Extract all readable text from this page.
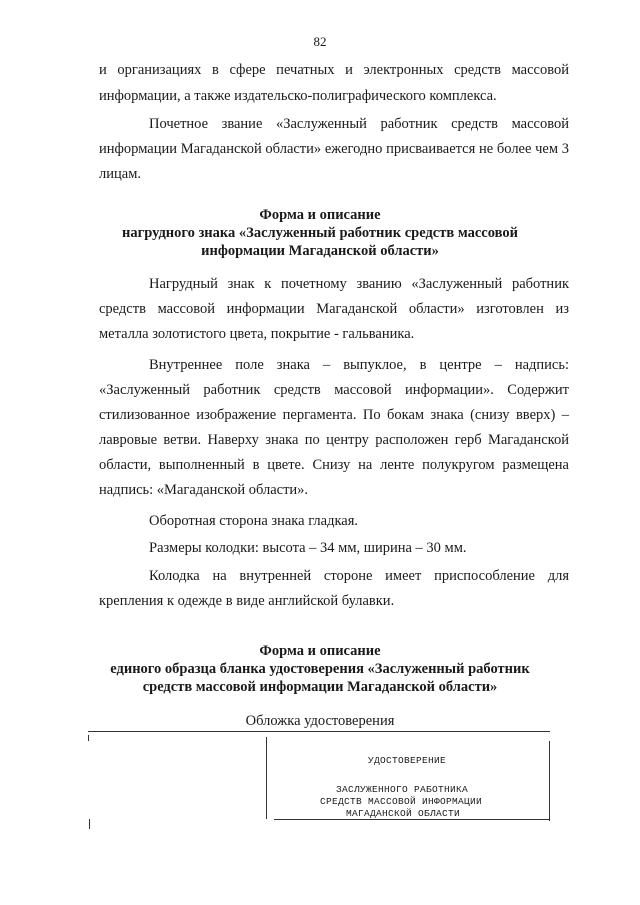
82
и организациях в сфере печатных и электронных средств массовой
информации, а также издательско-полиграфического комплекса.
Почетное звание «Заслуженный работник средств массовой информации Магаданской области» ежегодно присваивается не более чем 3 лицам.
Форма и описание
нагрудного знака «Заслуженный работник средств массовой
информации Магаданской области»
Нагрудный знак к почетному званию «Заслуженный работник средств массовой информации Магаданской области» изготовлен из металла золотистого цвета, покрытие - гальваника.
Внутреннее поле знака – выпуклое, в центре – надпись: «Заслуженный работник средств массовой информации». Содержит стилизованное изображение пергамента. По бокам знака (снизу вверх) – лавровые ветви. Наверху знака по центру расположен герб Магаданской области, выполненный в цвете. Снизу на ленте полукругом размещена надпись: «Магаданской области».
Оборотная сторона знака гладкая.
Размеры колодки: высота – 34 мм, ширина – 30 мм.
Колодка на внутренней стороне имеет приспособление для крепления к одежде в виде английской булавки.
Форма и описание
единого образца бланка удостоверения «Заслуженный работник
средств массовой информации Магаданской области»
Обложка удостоверения
УДОСТОВЕРЕНИЕ
ЗАСЛУЖЕННОГО РАБОТНИКА
СРЕДСТВ МАССОВОЙ ИНФОРМАЦИИ
МАГАДАНСКОЙ ОБЛАСТИ
